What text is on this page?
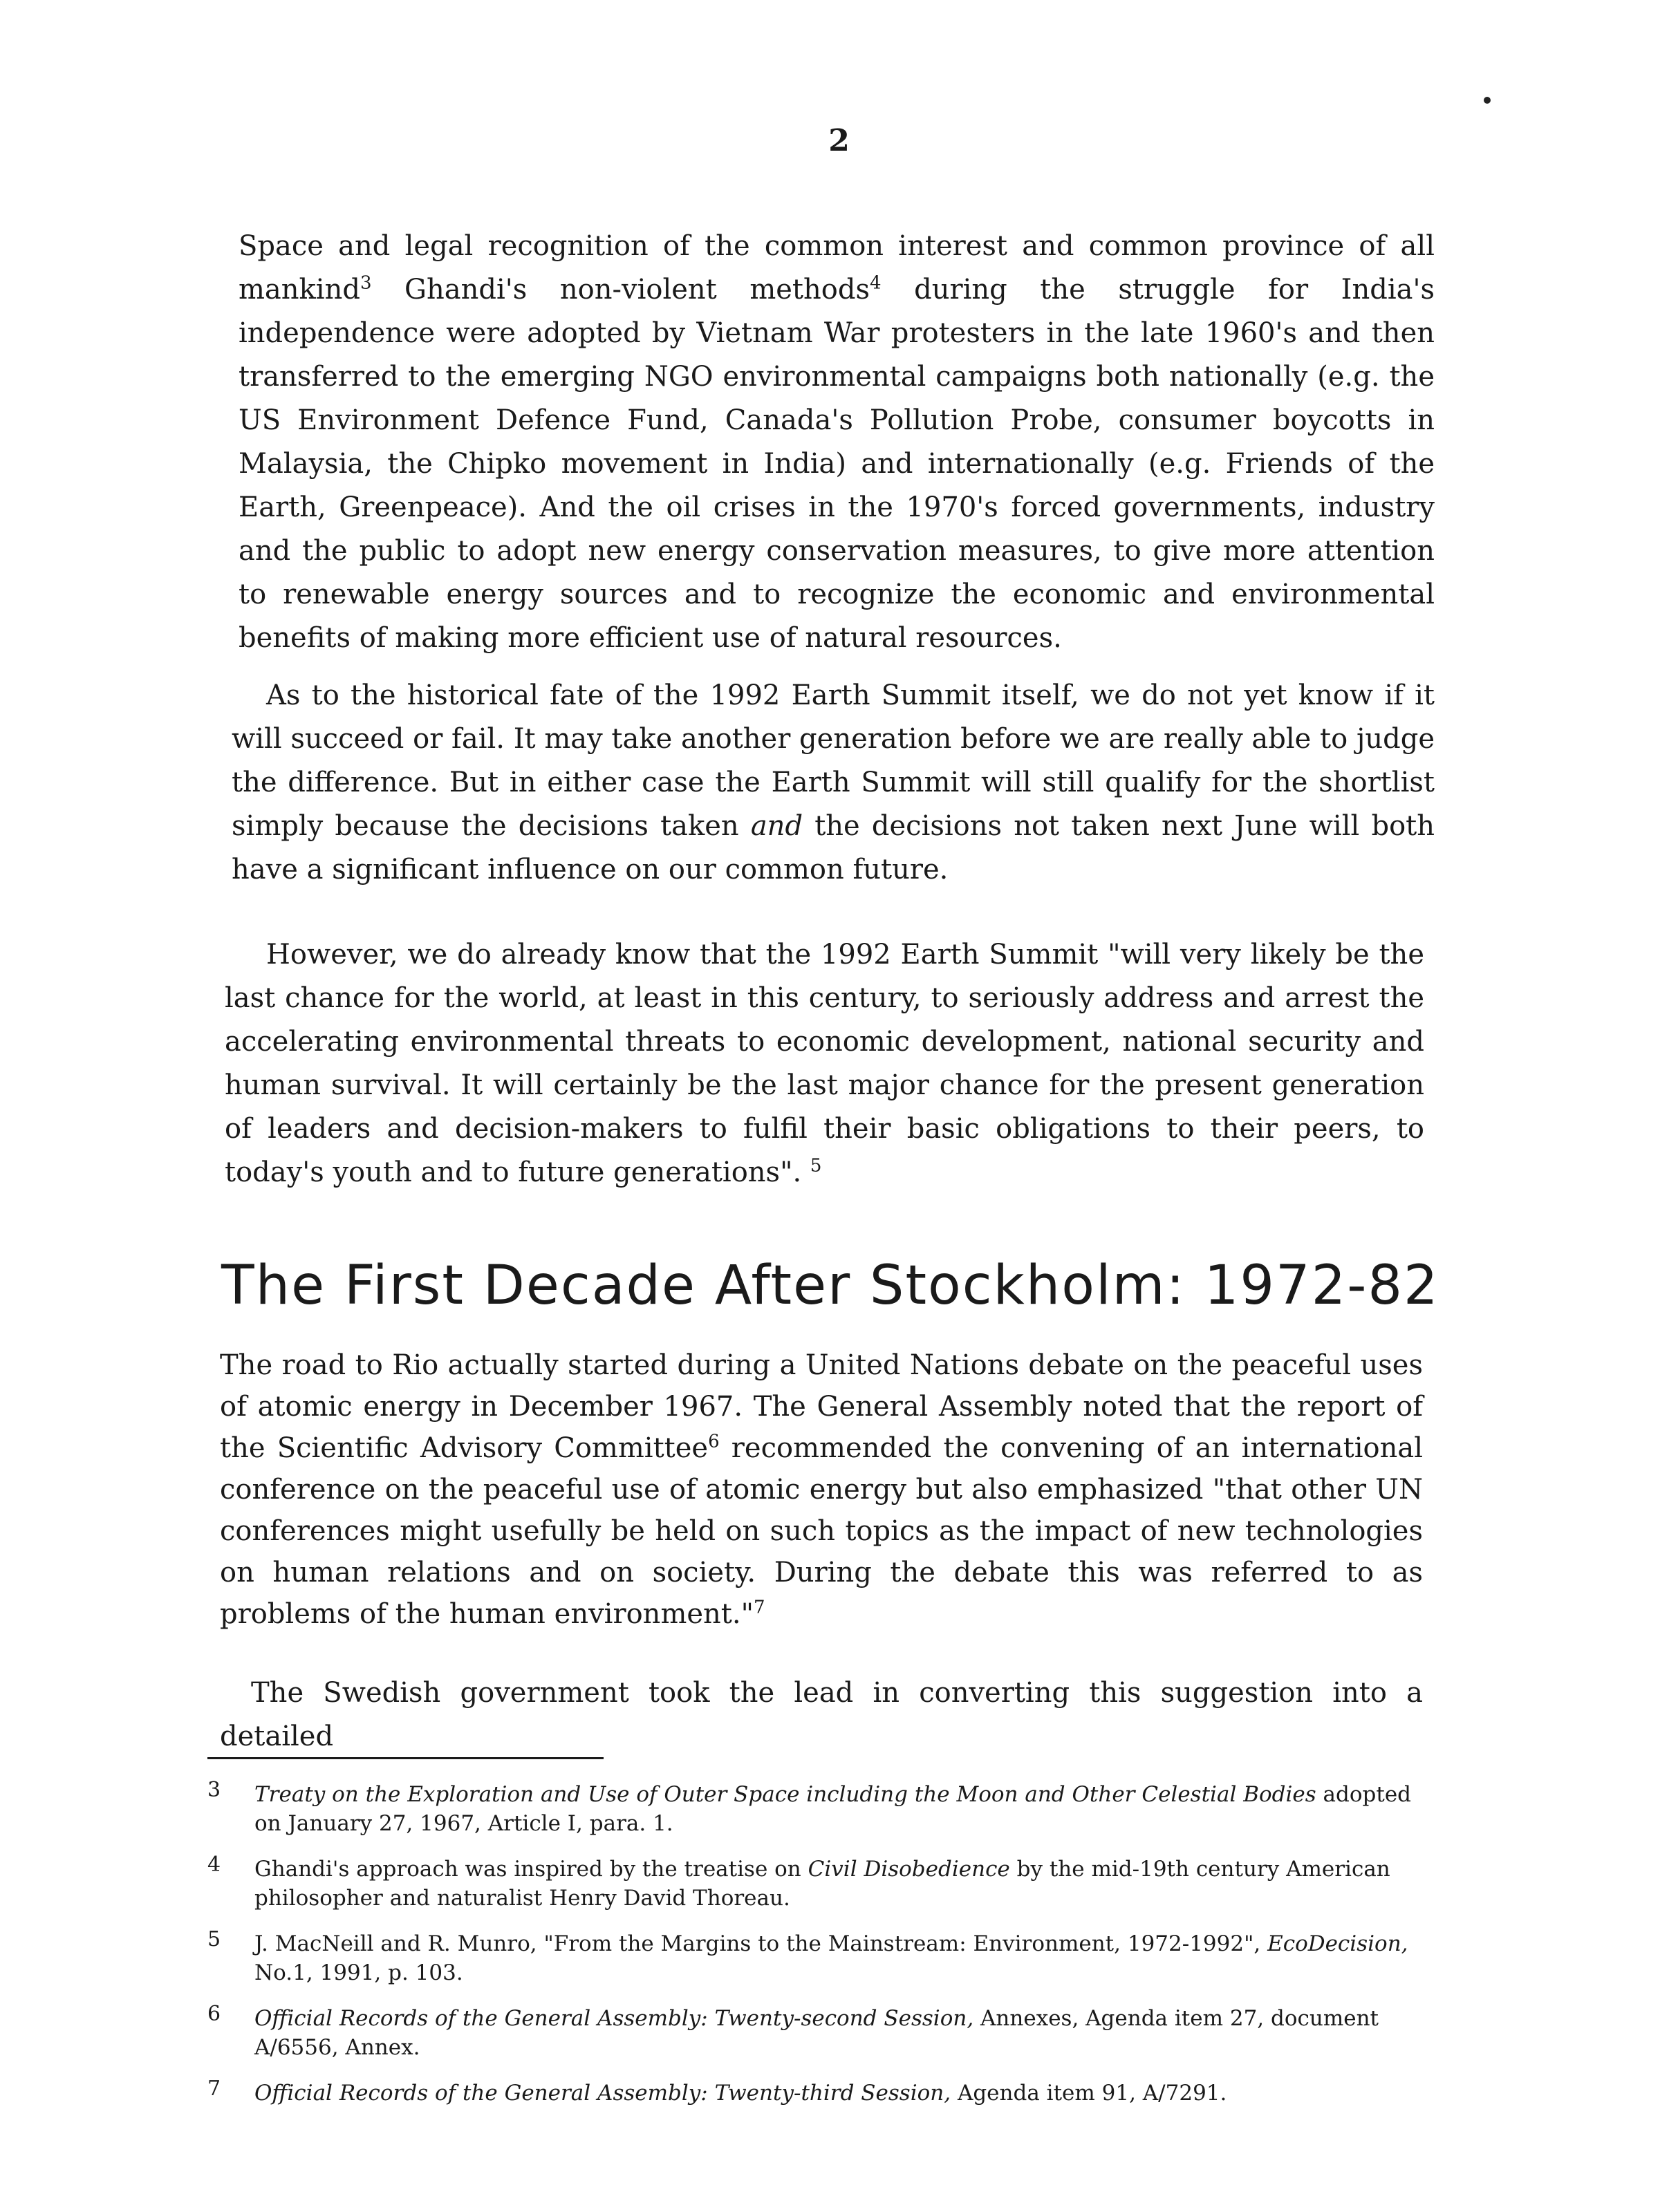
2

Space and legal recognition of the common interest and common province of all mankind$^3$ Ghandi's non-violent methods$^4$ during the struggle for India's independence were adopted by Vietnam War protesters in the late 1960's and then transferred to the emerging NGO environmental campaigns both nationally (e.g. the US Environment Defence Fund, Canada's Pollution Probe, consumer boycotts in Malaysia, the Chipko movement in India) and internationally (e.g. Friends of the Earth, Greenpeace). And the oil crises in the 1970's forced governments, industry and the public to adopt new energy conservation measures, to give more attention to renewable energy sources and to recognize the economic and environmental benefits of making more efficient use of natural resources.

As to the historical fate of the 1992 Earth Summit itself, we do not yet know if it will succeed or fail. It may take another generation before we are really able to judge the difference. But in either case the Earth Summit will still qualify for the shortlist simply because the decisions taken and the decisions not taken next June will both have a significant influence on our common future.

However, we do already know that the 1992 Earth Summit "will very likely be the last chance for the world, at least in this century, to seriously address and arrest the accelerating environmental threats to economic development, national security and human survival. It will certainly be the last major chance for the present generation of leaders and decision-makers to fulfil their basic obligations to their peers, to today's youth and to future generations". $^5$

The First Decade After Stockholm: 1972-82

The road to Rio actually started during a United Nations debate on the peaceful uses of atomic energy in December 1967. The General Assembly noted that the report of the Scientific Advisory Committee$^6$ recommended the convening of an international conference on the peaceful use of atomic energy but also emphasized "that other UN conferences might usefully be held on such topics as the impact of new technologies on human relations and on society. During the debate this was referred to as problems of the human environment."$^7$

The Swedish government took the lead in converting this suggestion into a detailed

3 Treaty on the Exploration and Use of Outer Space including the Moon and Other Celestial Bodies adopted on January 27, 1967, Article I, para. 1.
4 Ghandi's approach was inspired by the treatise on Civil Disobedience by the mid-19th century American philosopher and naturalist Henry David Thoreau.
5 J. MacNeill and R. Munro, "From the Margins to the Mainstream: Environment, 1972-1992", EcoDecision, No.1, 1991, p. 103.
6 Official Records of the General Assembly: Twenty-second Session, Annexes, Agenda item 27, document A/6556, Annex.
7 Official Records of the General Assembly: Twenty-third Session, Agenda item 91, A/7291.
